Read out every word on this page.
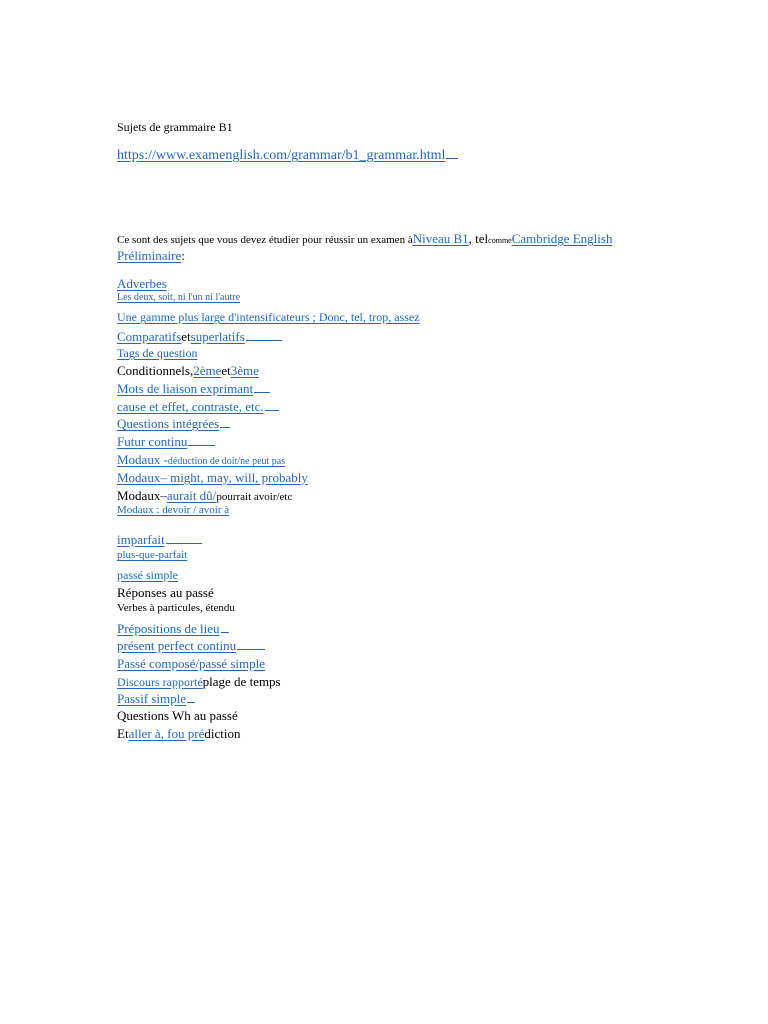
Sujets de grammaire B1
https://www.examenglish.com/grammar/b1_grammar.html
Ce sont des sujets que vous devez étudier pour réussir un examen àNiveau B1, telcommeCambridge English
Préliminaire:
Adverbes
Les deux, soit, ni l'un ni l'autre
Une gamme plus large d'intensificateurs ; Donc, tel, trop, assez
Comparatifsetsuperlatifs
Tags de question
Conditionnels,2èmeet3ème
Mots de liaison exprimant
cause et effet, contraste, etc.
Questions intégrées
Futur continu
Modaux -déduction de doit/ne peut pas
Modaux– might, may, will, probably
Modaux–aurait dû/pourrait avoir/etc
Modaux : devoir / avoir à
imparfait
plus-que-parfait
passé simple
Réponses au passé
Verbes à particules, étendu
Prépositions de lieu
présent perfect continu
Passé composé/passé simple
Discours rapportéplage de temps
Passif simple
Questions Wh au passé
Etaller à, fou prédiction
